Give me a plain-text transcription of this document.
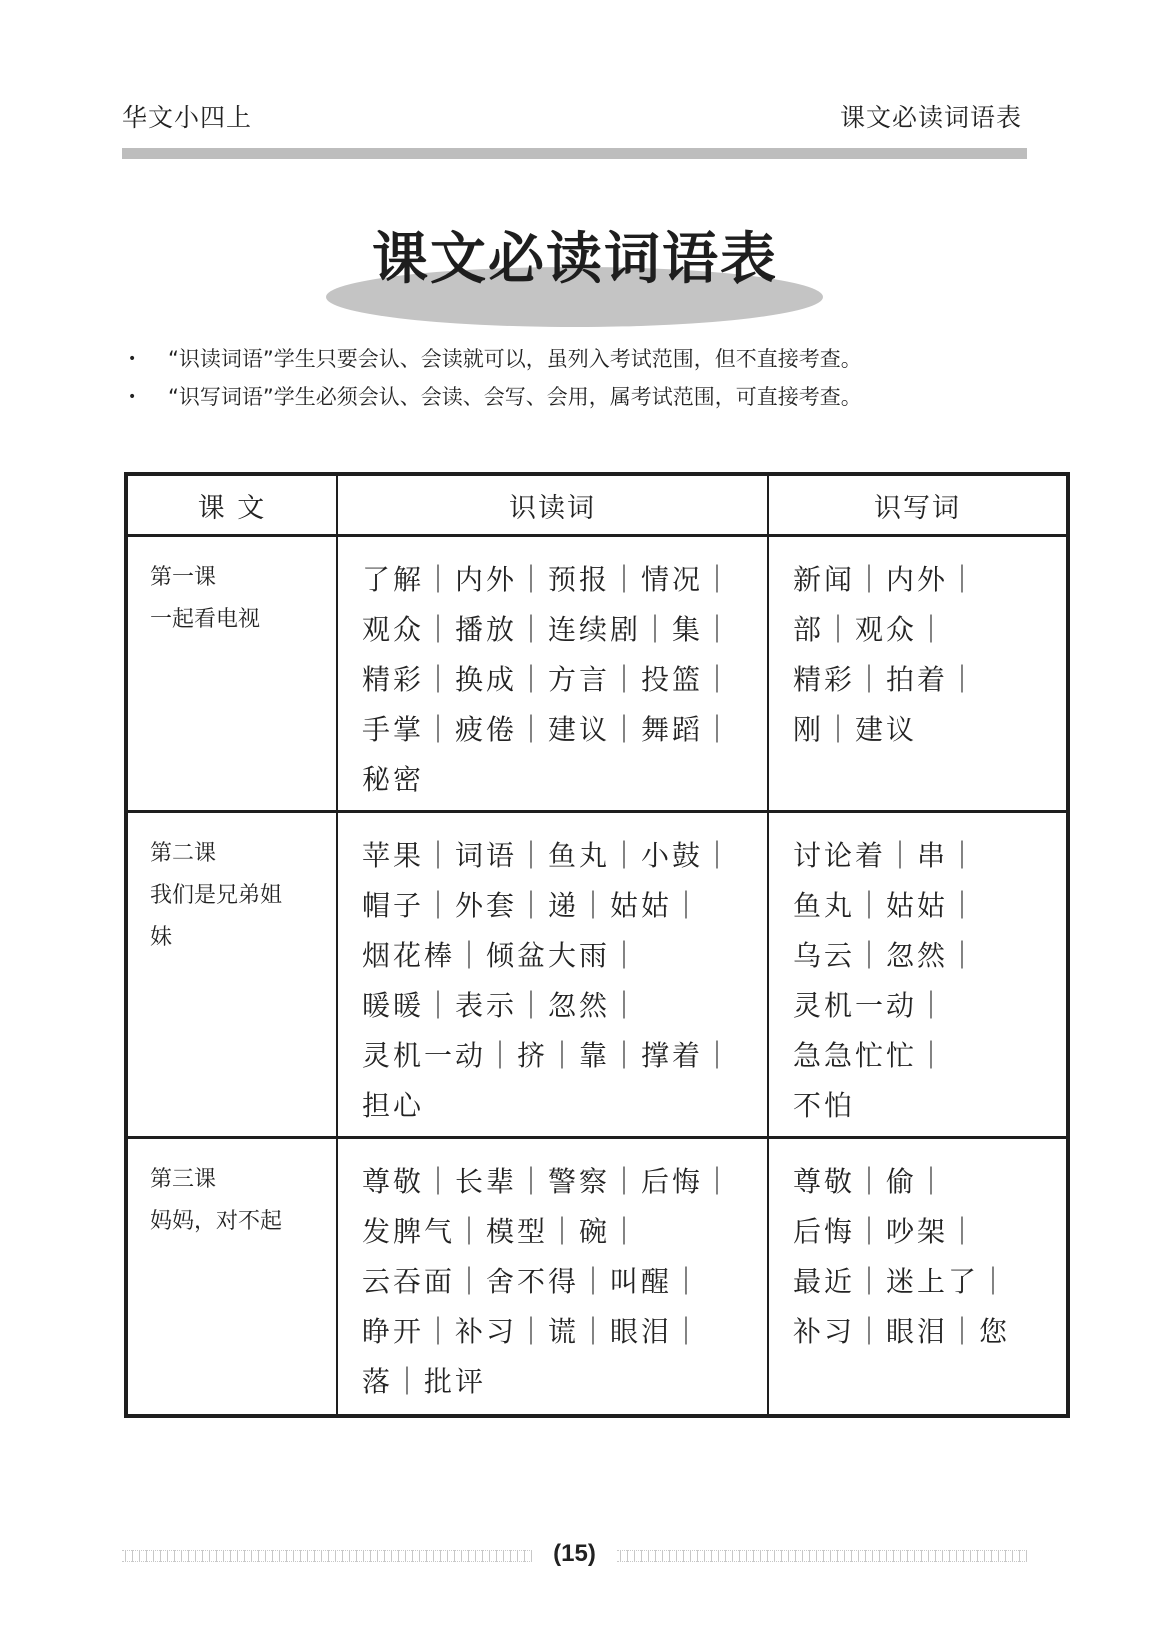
华文小四上	课文必读词语表
课文必读词语表
•	“识读词语”学生只要会认、会读就可以，虽列入考试范围，但不直接考查。
•	“识写词语”学生必须会认、会读、会写、会用，属考试范围，可直接考查。
课 文	识读词	识写词

第一课
一起看电视

了解｜内外｜预报｜情况｜
观众｜播放｜连续剧｜集｜
精彩｜换成｜方言｜投篮｜
手掌｜疲倦｜建议｜舞蹈｜
秘密

新闻｜内外｜
部｜观众｜
精彩｜拍着｜
刚｜建议

第二课
我们是兄弟姐
妹

苹果｜词语｜鱼丸｜小鼓｜
帽子｜外套｜递｜姑姑｜
烟花棒｜倾盆大雨｜
暖暖｜表示｜忽然｜
灵机一动｜挤｜靠｜撑着｜
担心

讨论着｜串｜
鱼丸｜姑姑｜
乌云｜忽然｜
灵机一动｜
急急忙忙｜
不怕

第三课
妈妈，对不起

尊敬｜长辈｜警察｜后悔｜
发脾气｜模型｜碗｜
云吞面｜舍不得｜叫醒｜
睁开｜补习｜谎｜眼泪｜
落｜批评

尊敬｜偷｜
后悔｜吵架｜
最近｜迷上了｜
补习｜眼泪｜您
(15)
